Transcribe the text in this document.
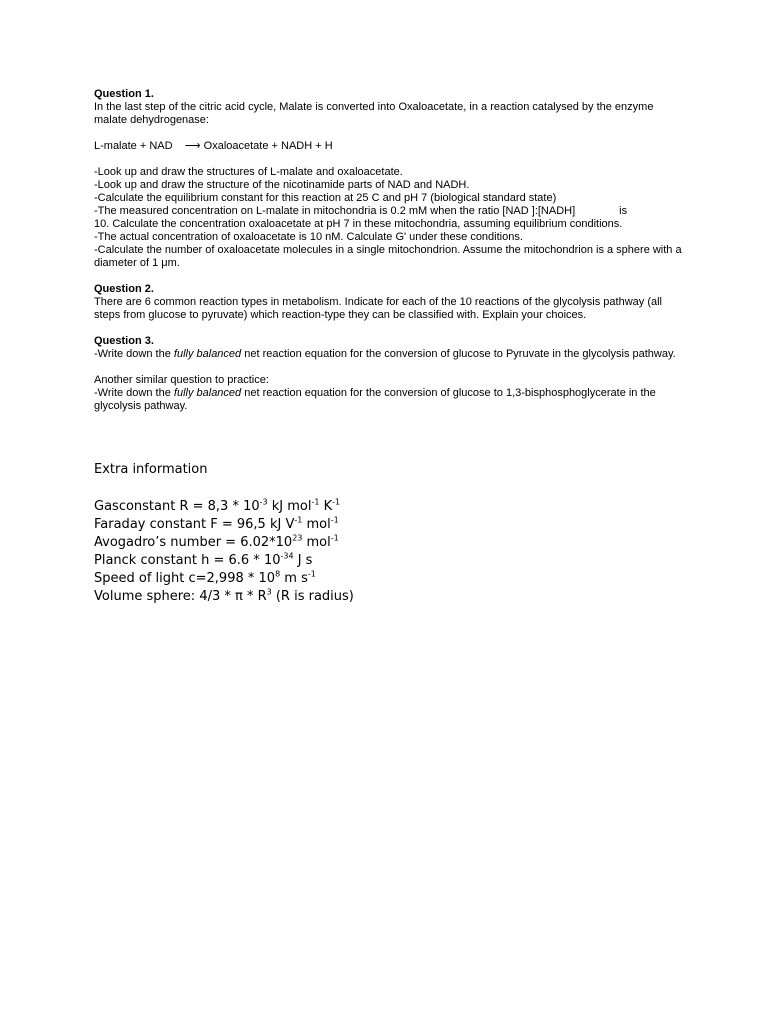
Question 1.

In the last step of the citric acid cycle, Malate is converted into Oxaloacetate, in a reaction catalysed by the enzyme malate dehydrogenase:

L-malate + NAD ⟶ Oxaloacetate + NADH + H

-Look up and draw the structures of L-malate and oxaloacetate.
-Look up and draw the structure of the nicotinamide parts of NAD and NADH.
-Calculate the equilibrium constant for this reaction at 25 C and pH 7 (biological standard state)
-The measured concentration on L-malate in mitochondria is 0.2 mM when the ratio [NAD ]:[NADH]	is
10. Calculate the concentration oxaloacetate at pH 7 in these mitochondria, assuming equilibrium conditions.
-The actual concentration of oxaloacetate is 10 nM. Calculate G' under these conditions.
-Calculate the number of oxaloacetate molecules in a single mitochondrion. Assume the mitochondrion is a sphere with a diameter of 1 μm.

Question 2.

There are 6 common reaction types in metabolism. Indicate for each of the 10 reactions of the glycolysis pathway (all steps from glucose to pyruvate) which reaction-type they can be classified with. Explain your choices.

Question 3.

-Write down the fully balanced net reaction equation for the conversion of glucose to Pyruvate in the glycolysis pathway.

Another similar question to practice:

-Write down the fully balanced net reaction equation for the conversion of glucose to 1,3-bisphosphoglycerate in the glycolysis pathway.

Extra information

Gasconstant $R = 8,3 * 10^{-3}$ kJ mol$^{-1}$ $K^{-1}$

Faraday constant F = 96,5 kJ $V^{-1}$ mol$^{-1}$

Avogadro’s number = $6.02*10^{23}$ mol$^{-1}$

Planck constant $h = 6.6 * 10^{-34}$ J s

Speed of light $c=2,998 * 10^8$ m $s^{-1}$

Volume sphere: 4/3 * π * $R^3$ (R is radius)
